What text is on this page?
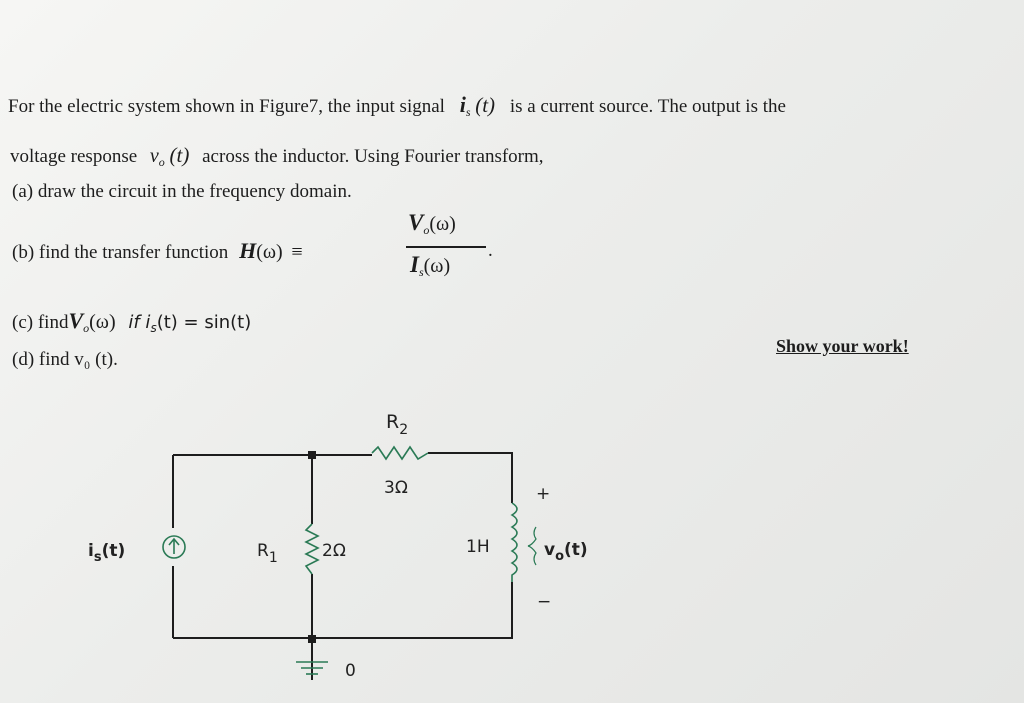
For the electric system shown in Figure7, the input signal $i_s$ (t) is a current source. The output is the
voltage response $v_o$ (t) across the inductor. Using Fourier transform,
(a) draw the circuit in the frequency domain.
(b) find the transfer function H(ω) ≡
$V_o(\omega)$
$I_s(\omega)$
.
(c) findV$_o$(ω) if $i_s(t) = \sin(t)$
(d) find v₀ (t).
Show your work!
$R_2$
3Ω
$i_s(t)$	$R_1$	2Ω	1H	$v_o(t)$
+
−
0
